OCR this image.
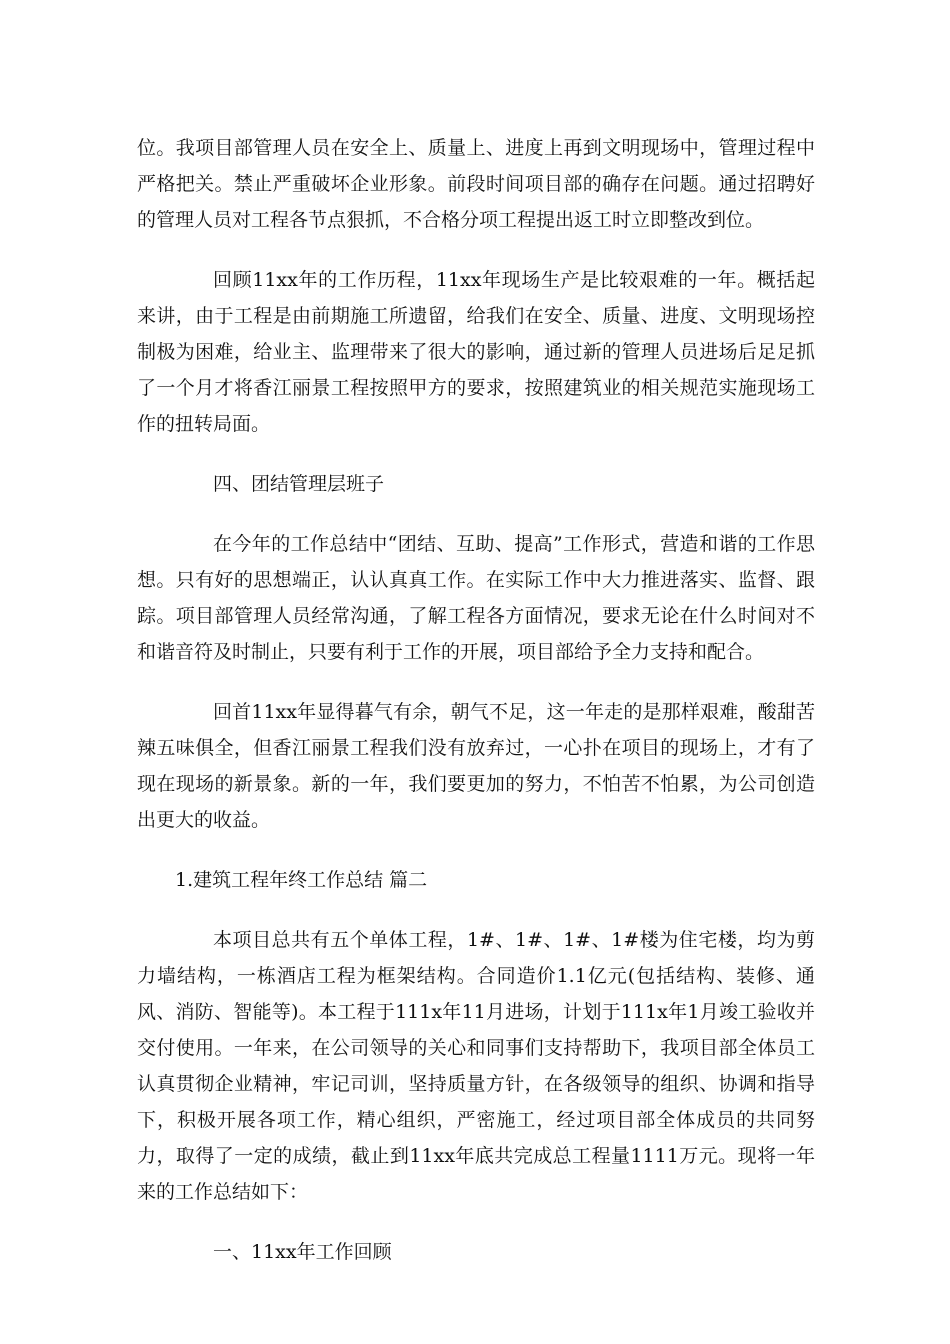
位。我项目部管理人员在安全上、质量上、进度上再到文明现场中，管理过程中严格把关。禁止严重破坏企业形象。前段时间项目部的确存在问题。通过招聘好的管理人员对工程各节点狠抓，不合格分项工程提出返工时立即整改到位。

回顾11xx年的工作历程，11xx年现场生产是比较艰难的一年。概括起来讲，由于工程是由前期施工所遗留，给我们在安全、质量、进度、文明现场控制极为困难，给业主、监理带来了很大的影响，通过新的管理人员进场后足足抓了一个月才将香江丽景工程按照甲方的要求，按照建筑业的相关规范实施现场工作的扭转局面。

四、团结管理层班子

在今年的工作总结中“团结、互助、提高”工作形式，营造和谐的工作思想。只有好的思想端正，认认真真工作。在实际工作中大力推进落实、监督、跟踪。项目部管理人员经常沟通，了解工程各方面情况，要求无论在什么时间对不和谐音符及时制止，只要有利于工作的开展，项目部给予全力支持和配合。

回首11xx年显得暮气有余，朝气不足，这一年走的是那样艰难，酸甜苦辣五味俱全，但香江丽景工程我们没有放弃过，一心扑在项目的现场上，才有了现在现场的新景象。新的一年，我们要更加的努力，不怕苦不怕累，为公司创造出更大的收益。

1.建筑工程年终工作总结 篇二

本项目总共有五个单体工程，1#、1#、1#、1#楼为住宅楼，均为剪力墙结构，一栋酒店工程为框架结构。合同造价1.1亿元(包括结构、装修、通风、消防、智能等)。本工程于111x年11月进场，计划于111x年1月竣工验收并交付使用。一年来，在公司领导的关心和同事们支持帮助下，我项目部全体员工认真贯彻企业精神，牢记司训，坚持质量方针，在各级领导的组织、协调和指导下，积极开展各项工作，精心组织，严密施工，经过项目部全体成员的共同努力，取得了一定的成绩，截止到11xx年底共完成总工程量1111万元。现将一年来的工作总结如下：

一、11xx年工作回顾
